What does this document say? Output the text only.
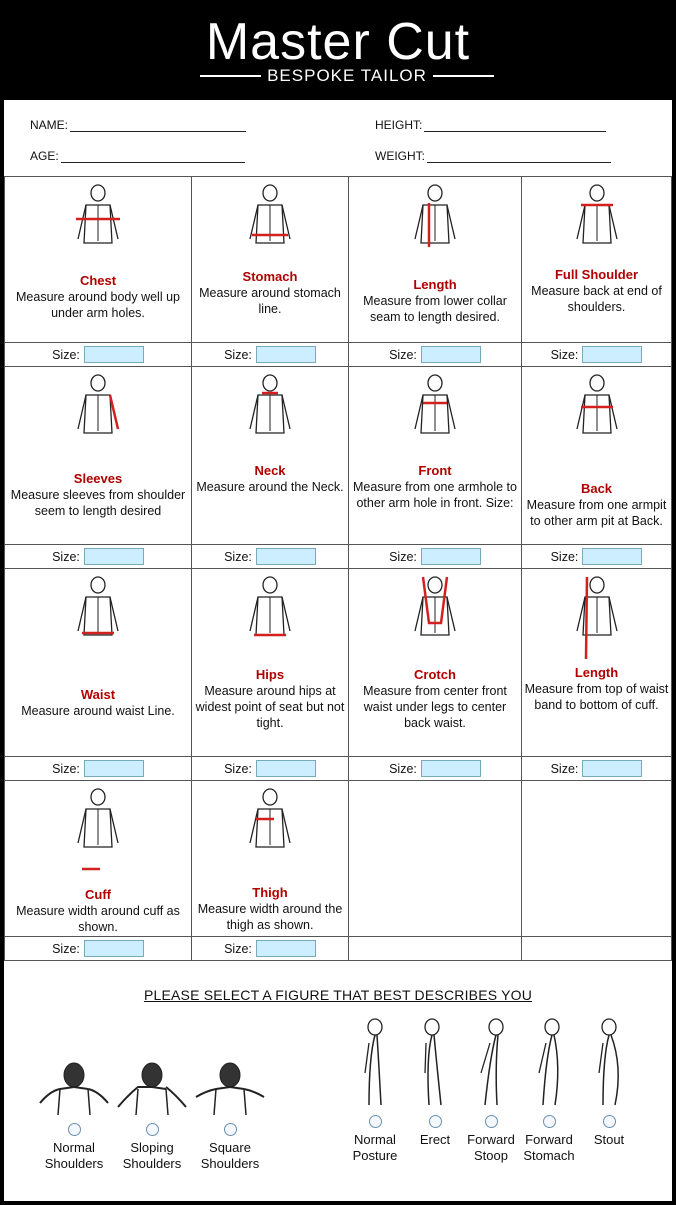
Master Cut
BESPOKE TAILOR
NAME:	HEIGHT:
AGE:	WEIGHT:
Chest
Measure around body well up under arm holes.
Size:
Stomach
Measure around stomach line.
Size:
Length
Measure from lower collar seam to length desired.
Size:
Full Shoulder
Measure back at end of shoulders.
Size:
Sleeves
Measure sleeves from shoulder seem to length desired
Size:
Neck
Measure around the Neck.
Size:
Front
Measure from one armhole to other arm hole in front. Size:
Size:
Back
Measure from one armpit to other arm pit at Back.
Size:
Waist
Measure around waist Line.
Size:
Hips
Measure around hips at widest point of seat but not tight.
Size:
Crotch
Measure from center front waist under legs to center back waist.
Size:
Length
Measure from top of waist band to bottom of cuff.
Size:
Cuff
Measure width around cuff as shown.
Size:
Thigh
Measure width around the thigh as shown.
Size:
PLEASE SELECT A FIGURE THAT BEST DESCRIBES YOU
Normal Shoulders
Sloping Shoulders
Square Shoulders
Normal Posture
Erect	Forward Stoop
Forward Stomach
Stout
